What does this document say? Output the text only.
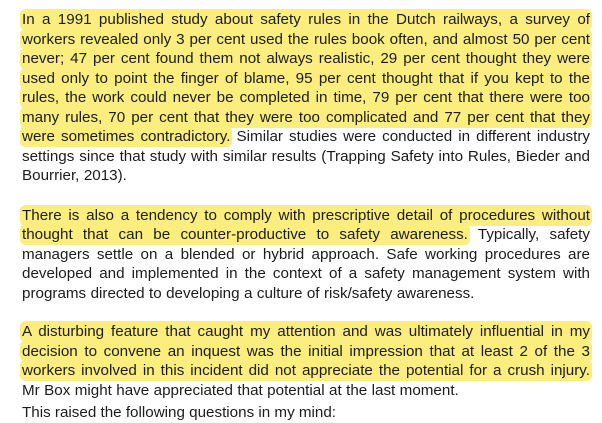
In a 1991 published study about safety rules in the Dutch railways, a survey of workers revealed only 3 per cent used the rules book often, and almost 50 per cent never; 47 per cent found them not always realistic, 29 per cent thought they were used only to point the finger of blame, 95 per cent thought that if you kept to the rules, the work could never be completed in time, 79 per cent that there were too many rules, 70 per cent that they were too complicated and 77 per cent that they were sometimes contradictory. Similar studies were conducted in different industry settings since that study with similar results (Trapping Safety into Rules, Bieder and Bourrier, 2013).

There is also a tendency to comply with prescriptive detail of procedures without thought that can be counter-productive to safety awareness. Typically, safety managers settle on a blended or hybrid approach. Safe working procedures are developed and implemented in the context of a safety management system with programs directed to developing a culture of risk/safety awareness.

A disturbing feature that caught my attention and was ultimately influential in my decision to convene an inquest was the initial impression that at least 2 of the 3 workers involved in this incident did not appreciate the potential for a crush injury. Mr Box might have appreciated that potential at the last moment.

This raised the following questions in my mind:
